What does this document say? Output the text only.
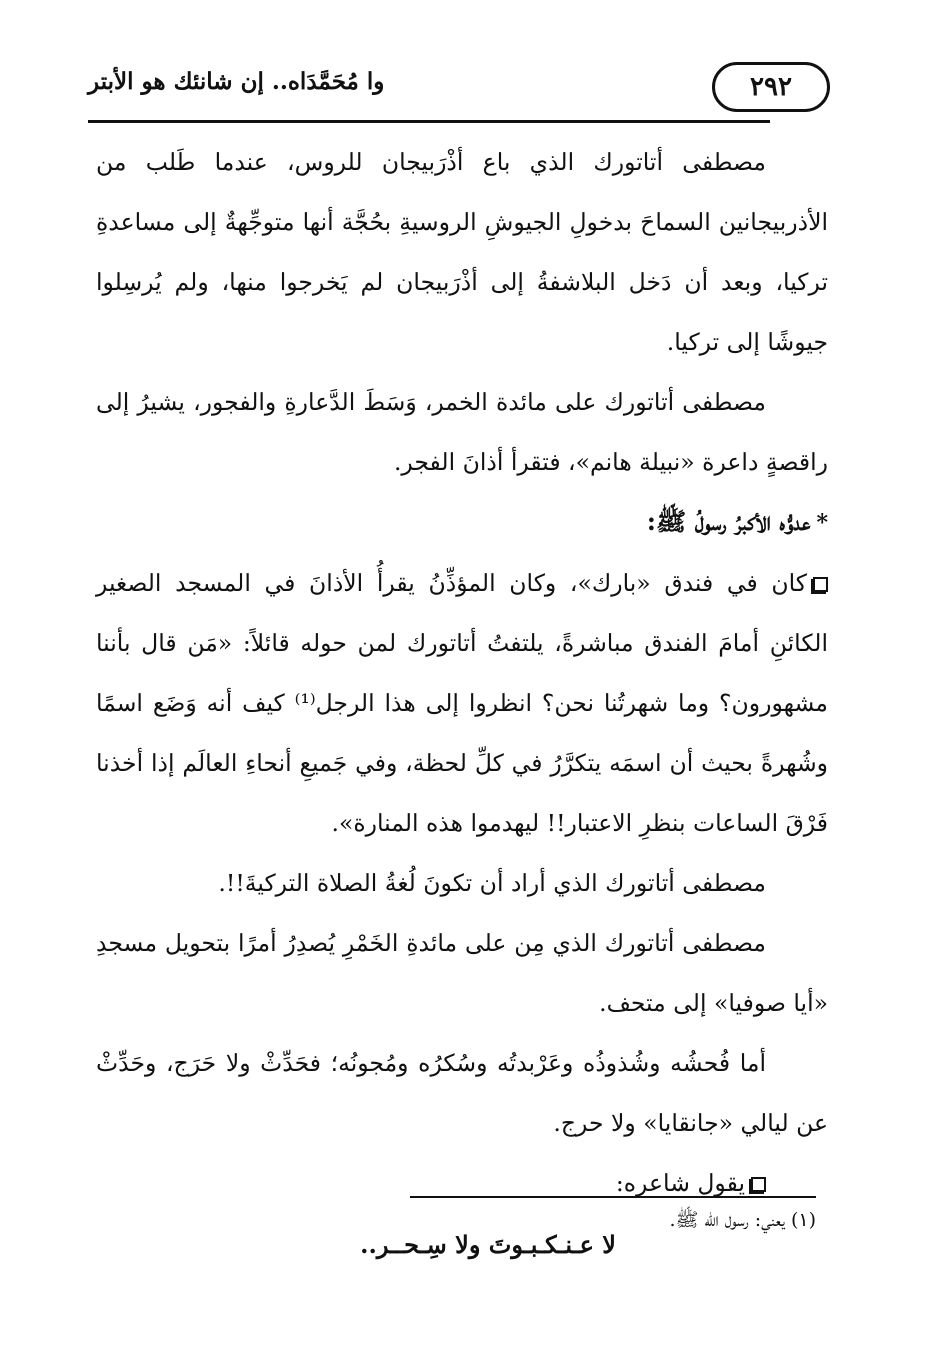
٢٩٢
وا مُحَمَّدَاه.. إن شانئك هو الأبتر

مصطفى أتاتورك الذي باع أذْرَبيجان للروس، عندما طَلب من الأذربيجانين السماحَ بدخولِ الجيوشِ الروسيةِ بحُجَّة أنها متوجِّهةٌ إلى مساعدةِ تركيا، وبعد أن دَخل البلاشفةُ إلى أذْرَبيجان لم يَخرجوا منها، ولم يُرسِلوا جيوشًا إلى تركيا.

مصطفى أتاتورك على مائدة الخمر، وَسَطَ الدَّعارةِ والفجور، يشيرُ إلى راقصةٍ داعرة «نبيلة هانم»، فتقرأ أذانَ الفجر.

*عدوُّه الأكبرُ رسولُ ﷺ:

كان في فندق «بارك»، وكان المؤذِّنُ يقرأُ الأذانَ في المسجد الصغير الكائنِ أمامَ الفندق مباشرةً، يلتفتُ أتاتورك لمن حوله قائلاً: «مَن قال بأننا مشهورون؟ وما شهرتُنا نحن؟ انظروا إلى هذا الرجل⁽¹⁾ كيف أنه وَضَع اسمًا وشُهرةً بحيث أن اسمَه يتكرَّرُ في كلِّ لحظة، وفي جَميعِ أنحاءِ العالَم إذا أخذنا فَرْقَ الساعات بنظرِ الاعتبار!! ليهدموا هذه المنارة».

مصطفى أتاتورك الذي أراد أن تكونَ لُغةُ الصلاة التركيةَ!!.

مصطفى أتاتورك الذي مِن على مائدةِ الخَمْرِ يُصدِرُ أمرًا بتحويل مسجدِ «أيا صوفيا» إلى متحف.

أما فُحشُه وشُذوذُه وعَرْبدتُه وسُكرُه ومُجونُه؛ فحَدِّثْ ولا حَرَج، وحَدِّثْ عن ليالي «جانقايا» ولا حرج.

يقول شاعره:

لا عـنـكـبـوتَ ولا سِـحــر..

(١) يعني: رسول الله ﷺ.
